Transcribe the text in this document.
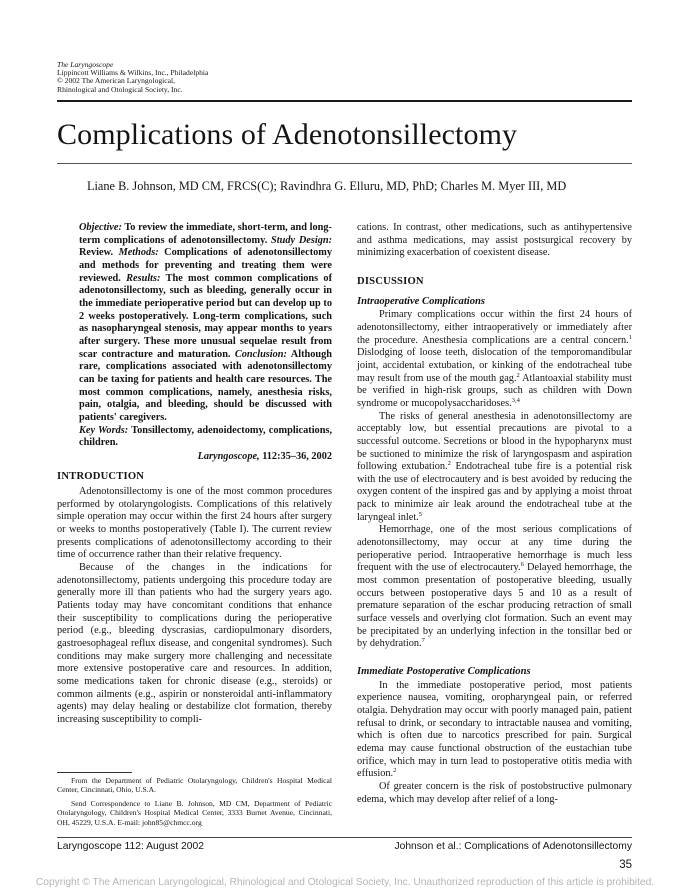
The Laryngoscope
Lippincott Williams & Wilkins, Inc., Philadelphia
© 2002 The American Laryngological,
Rhinological and Otological Society, Inc.
Complications of Adenotonsillectomy
Liane B. Johnson, MD CM, FRCS(C); Ravindhra G. Elluru, MD, PhD; Charles M. Myer III, MD

Objective: To review the immediate, short-term, and long-term complications of adenotonsillectomy. Study Design: Review. Methods: Complications of adenotonsillectomy and methods for preventing and treating them were reviewed. Results: The most common complications of adenotonsillectomy, such as bleeding, generally occur in the immediate perioperative period but can develop up to 2 weeks postoperatively. Long-term complications, such as nasopharyngeal stenosis, may appear months to years after surgery. These more unusual sequelae result from scar contracture and maturation. Conclusion: Although rare, complications associated with adenotonsillectomy can be taxing for patients and health care resources. The most common complications, namely, anesthesia risks, pain, otalgia, and bleeding, should be discussed with patients' caregivers.
Key Words: Tonsillectomy, adenoidectomy, complications, children.

Laryngoscope, 112:35–36, 2002

INTRODUCTION

Adenotonsillectomy is one of the most common procedures performed by otolaryngologists. Complications of this relatively simple operation may occur within the first 24 hours after surgery or weeks to months postoperatively (Table I). The current review presents complications of adenotonsillectomy according to their time of occurrence rather than their relative frequency.

Because of the changes in the indications for adenotonsillectomy, patients undergoing this procedure today are generally more ill than patients who had the surgery years ago. Patients today may have concomitant conditions that enhance their susceptibility to complications during the perioperative period (e.g., bleeding dyscrasias, cardiopulmonary disorders, gastroesophageal reflux disease, and congenital syndromes). Such conditions may make surgery more challenging and necessitate more extensive postoperative care and resources. In addition, some medications taken for chronic disease (e.g., steroids) or common ailments (e.g., aspirin or nonsteroidal anti-inflammatory agents) may delay healing or destabilize clot formation, thereby increasing susceptibility to compli-

cations. In contrast, other medications, such as antihypertensive and asthma medications, may assist postsurgical recovery by minimizing exacerbation of coexistent disease.

DISCUSSION
Intraoperative Complications

Primary complications occur within the first 24 hours of adenotonsillectomy, either intraoperatively or immediately after the procedure. Anesthesia complications are a central concern.$^1$ Dislodging of loose teeth, dislocation of the temporomandibular joint, accidental extubation, or kinking of the endotracheal tube may result from use of the mouth gag.$^2$ Atlantoaxial stability must be verified in high-risk groups, such as children with Down syndrome or mucopolysaccharidoses.$^{3,4}$

The risks of general anesthesia in adenotonsillectomy are acceptably low, but essential precautions are pivotal to a successful outcome. Secretions or blood in the hypopharynx must be suctioned to minimize the risk of laryngospasm and aspiration following extubation.$^2$ Endotracheal tube fire is a potential risk with the use of electrocautery and is best avoided by reducing the oxygen content of the inspired gas and by applying a moist throat pack to minimize air leak around the endotracheal tube at the laryngeal inlet.$^5$

Hemorrhage, one of the most serious complications of adenotonsillectomy, may occur at any time during the perioperative period. Intraoperative hemorrhage is much less frequent with the use of electrocautery.$^6$ Delayed hemorrhage, the most common presentation of postoperative bleeding, usually occurs between postoperative days 5 and 10 as a result of premature separation of the eschar producing retraction of small surface vessels and overlying clot formation. Such an event may be precipitated by an underlying infection in the tonsillar bed or by dehydration.$^7$

Immediate Postoperative Complications

In the immediate postoperative period, most patients experience nausea, vomiting, oropharyngeal pain, or referred otalgia. Dehydration may occur with poorly managed pain, patient refusal to drink, or secondary to intractable nausea and vomiting, which is often due to narcotics prescribed for pain. Surgical edema may cause functional obstruction of the eustachian tube orifice, which may in turn lead to postoperative otitis media with effusion.$^2$

Of greater concern is the risk of postobstructive pulmonary edema, which may develop after relief of a long-

From the Department of Pediatric Otolaryngology, Children's Hospital Medical Center, Cincinnati, Ohio, U.S.A.

Send Correspondence to Liane B. Johnson, MD CM, Department of Pediatric Otolaryngology, Children's Hospital Medical Center, 3333 Burnet Avenue, Cincinnati, OH, 45229, U.S.A. E-mail: john85@chmcc.org

Laryngoscope 112: August 2002	Johnson et al.: Complications of Adenotonsillectomy
35
Copyright © The American Laryngological, Rhinological and Otological Society, Inc. Unauthorized reproduction of this article is prohibited.
